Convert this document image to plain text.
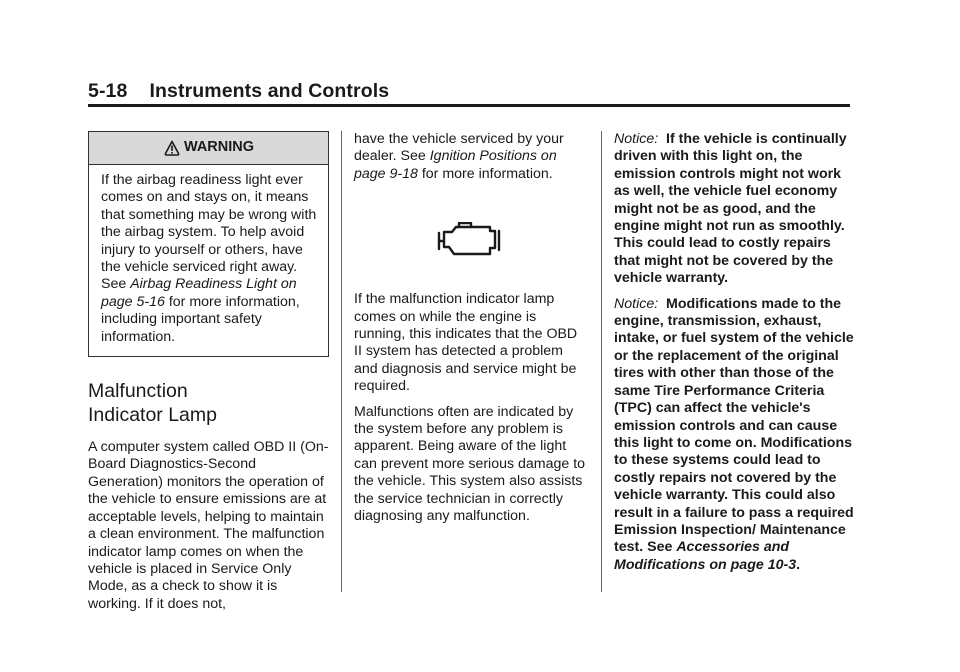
5-18 Instruments and Controls
WARNING
If the airbag readiness light ever comes on and stays on, it means that something may be wrong with the airbag system. To help avoid injury to yourself or others, have the vehicle serviced right away. See Airbag Readiness Light on page 5-16 for more information, including important safety information.
Malfunction
Indicator Lamp

A computer system called OBD II (On-Board Diagnostics-Second Generation) monitors the operation of the vehicle to ensure emissions are at acceptable levels, helping to maintain a clean environment. The malfunction indicator lamp comes on when the vehicle is placed in Service Only Mode, as a check to show it is working. If it does not,

have the vehicle serviced by your dealer. See Ignition Positions on page 9-18 for more information.

If the malfunction indicator lamp comes on while the engine is running, this indicates that the OBD II system has detected a problem and diagnosis and service might be required.

Malfunctions often are indicated by the system before any problem is apparent. Being aware of the light can prevent more serious damage to the vehicle. This system also assists the service technician in correctly diagnosing any malfunction.

Notice: If the vehicle is continually driven with this light on, the emission controls might not work as well, the vehicle fuel economy might not be as good, and the engine might not run as smoothly. This could lead to costly repairs that might not be covered by the vehicle warranty.

Notice: Modifications made to the engine, transmission, exhaust, intake, or fuel system of the vehicle or the replacement of the original tires with other than those of the same Tire Performance Criteria (TPC) can affect the vehicle's emission controls and can cause this light to come on. Modifications to these systems could lead to costly repairs not covered by the vehicle warranty. This could also result in a failure to pass a required Emission Inspection/ Maintenance test. See Accessories and Modifications on page 10-3.
